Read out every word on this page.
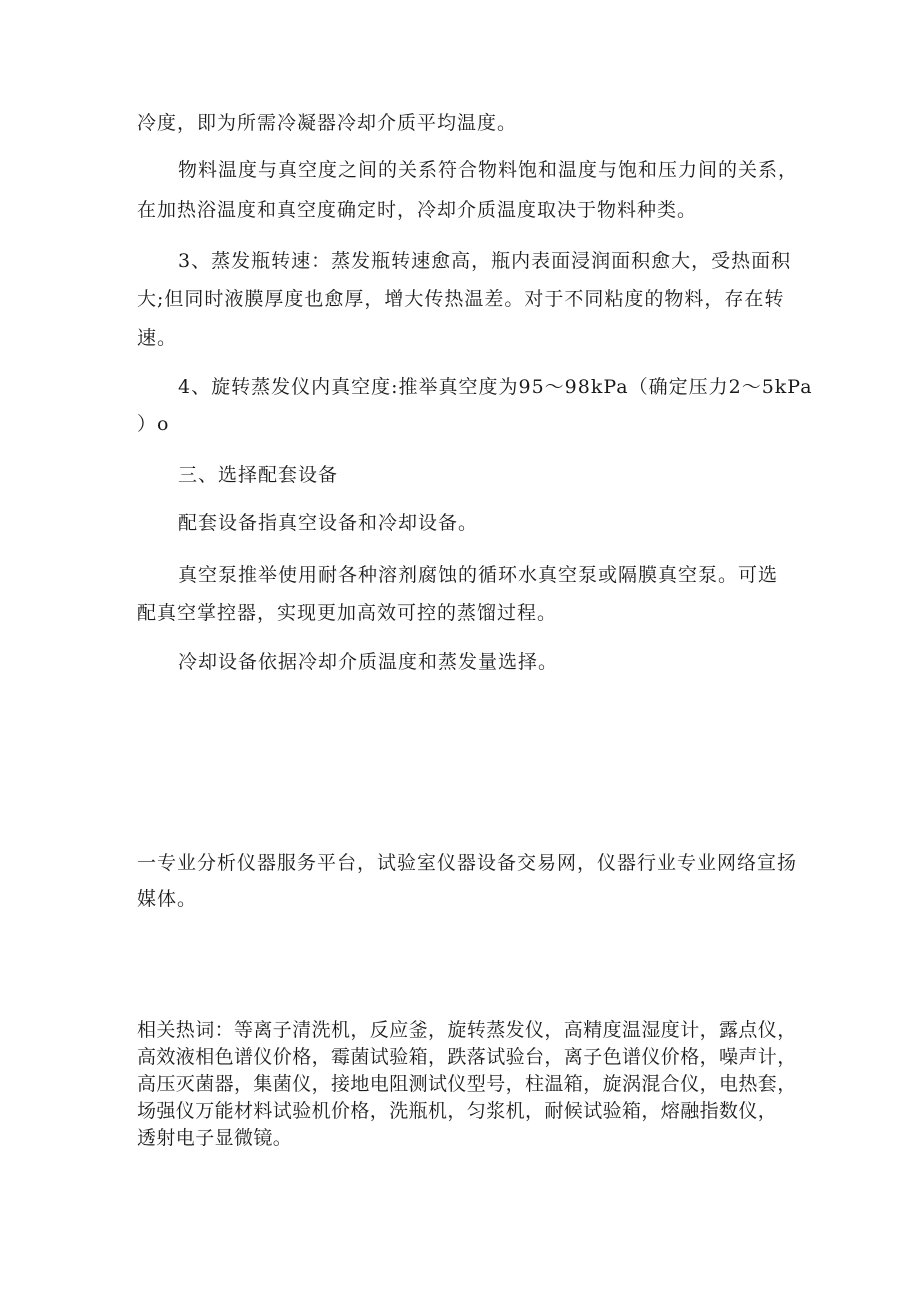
冷度，即为所需冷凝器冷却介质平均温度。
物料温度与真空度之间的关系符合物料饱和温度与饱和压力间的关系，
在加热浴温度和真空度确定时，冷却介质温度取决于物料种类。
3、蒸发瓶转速：蒸发瓶转速愈高，瓶内表面浸润面积愈大，受热面积
大;但同时液膜厚度也愈厚，增大传热温差。对于不同粘度的物料，存在转
速。
4、旋转蒸发仪内真空度:推举真空度为95～98kPa（确定压力2～5kPa
）o
三、选择配套设备
配套设备指真空设备和冷却设备。
真空泵推举使用耐各种溶剂腐蚀的循环水真空泵或隔膜真空泵。可选
配真空掌控器，实现更加高效可控的蒸馏过程。
冷却设备依据冷却介质温度和蒸发量选择。
一专业分析仪器服务平台，试验室仪器设备交易网，仪器行业专业网络宣扬
媒体。
相关热词：等离子清洗机，反应釜，旋转蒸发仪，高精度温湿度计，露点仪，
高效液相色谱仪价格，霉菌试验箱，跌落试验台，离子色谱仪价格，噪声计，
高压灭菌器，集菌仪，接地电阻测试仪型号，柱温箱，旋涡混合仪，电热套，
场强仪万能材料试验机价格，洗瓶机，匀浆机，耐候试验箱，熔融指数仪，
透射电子显微镜。
